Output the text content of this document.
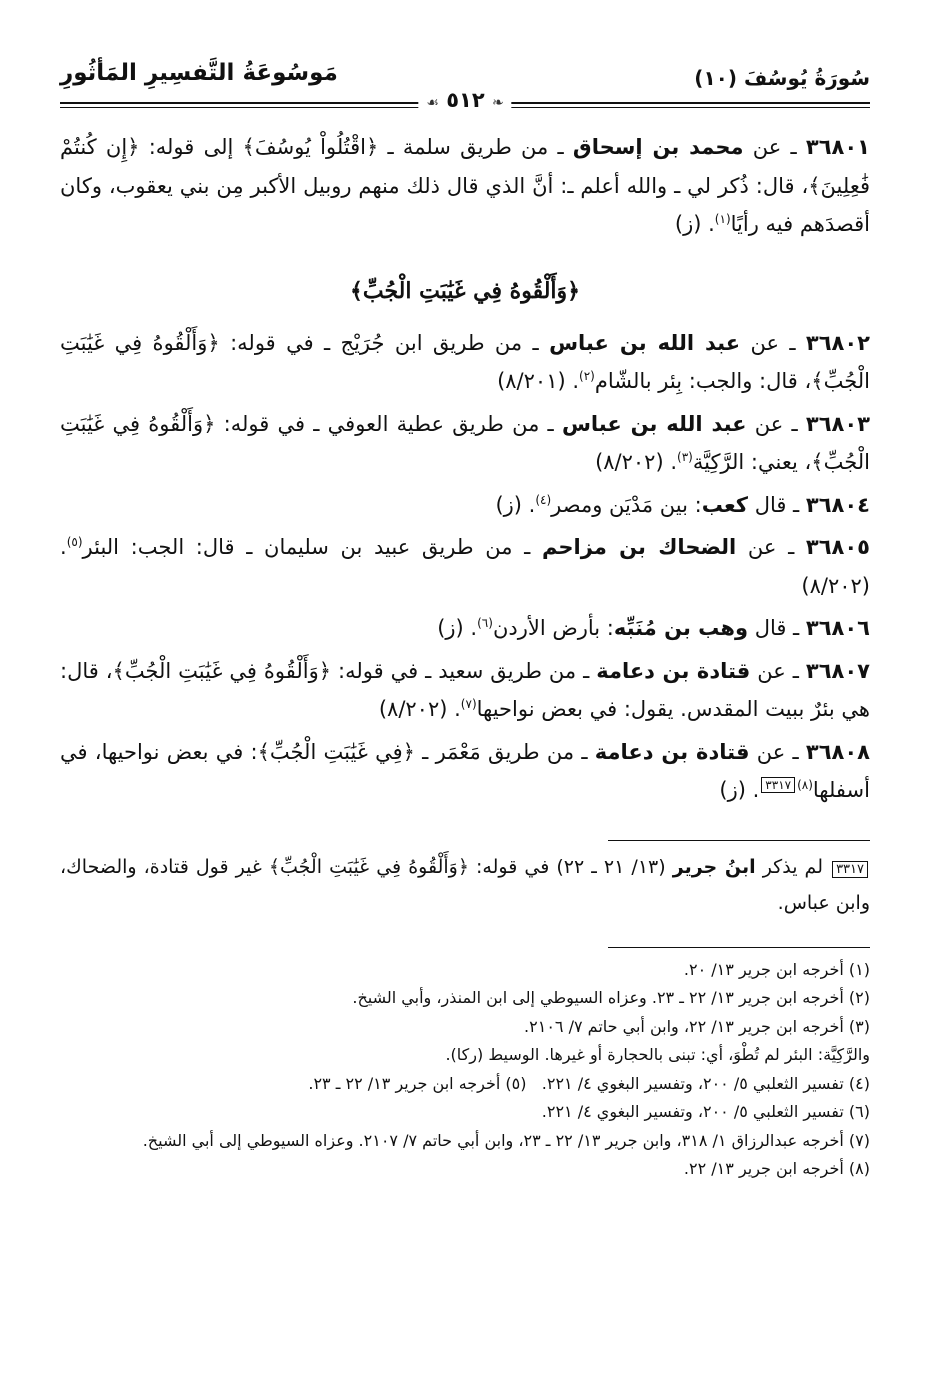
سُورَةُ يُوسُفَ (١٠)
مَوسُوعَةُ التَّفسِيرِ المَأثُورِ
❧ ٥١٢ ☙

٣٦٨٠١ ـ عن محمد بن إسحاق ـ من طريق سلمة ـ ﴿اقْتُلُواْ يُوسُفَ﴾ إلى قوله: ﴿إِن كُنتُمْ فَٰعِلِينَ﴾، قال: ذُكر لي ـ والله أعلم ـ: أنَّ الذي قال ذلك منهم روبيل الأكبر مِن بني يعقوب، وكان أقصدَهم فيه رأيًا$^{(١)}$. (ز)

﴿وَأَلْقُوهُ فِي غَيَٰبَتِ الْجُبِّ﴾

٣٦٨٠٢ ـ عن عبد الله بن عباس ـ من طريق ابن جُرَيْج ـ في قوله: ﴿وَأَلْقُوهُ فِي غَيَٰبَتِ الْجُبِّ﴾، قال: والجب: بِئر بالشّام$^{(٢)}$. (٨/٢٠١)

٣٦٨٠٣ ـ عن عبد الله بن عباس ـ من طريق عطية العوفي ـ في قوله: ﴿وَأَلْقُوهُ فِي غَيَٰبَتِ الْجُبِّ﴾، يعني: الرَّكِيَّة$^{(٣)}$. (٨/٢٠٢)

٣٦٨٠٤ ـ قال كعب: بين مَدْيَن ومصر$^{(٤)}$. (ز)

٣٦٨٠٥ ـ عن الضحاك بن مزاحم ـ من طريق عبيد بن سليمان ـ قال: الجب: البئر$^{(٥)}$. (٨/٢٠٢)

٣٦٨٠٦ ـ قال وهب بن مُنَبِّه: بأرض الأردن$^{(٦)}$. (ز)

٣٦٨٠٧ ـ عن قتادة بن دعامة ـ من طريق سعيد ـ في قوله: ﴿وَأَلْقُوهُ فِي غَيَٰبَتِ الْجُبِّ﴾، قال: هي بئرٌ ببيت المقدس. يقول: في بعض نواحيها$^{(٧)}$. (٨/٢٠٢)

٣٦٨٠٨ ـ عن قتادة بن دعامة ـ من طريق مَعْمَر ـ ﴿فِي غَيَٰبَتِ الْجُبِّ﴾: في بعض نواحيها، في أسفلها$^{(٨)٣٣١٧}$. (ز)

٣٣١٧ لم يذكر ابنُ جرير (١٣/ ٢١ ـ ٢٢) في قوله: ﴿وَأَلْقُوهُ فِي غَيَٰبَتِ الْجُبِّ﴾ غير قول قتادة، والضحاك، وابن عباس.

(١) أخرجه ابن جرير ١٣/ ٢٠.

(٢) أخرجه ابن جرير ١٣/ ٢٢ ـ ٢٣. وعزاه السيوطي إلى ابن المنذر، وأبي الشيخ.

(٣) أخرجه ابن جرير ١٣/ ٢٢، وابن أبي حاتم ٧/ ٢١٠٦.

والرَّكِيَّة: البئر لم تُطْوَ، أي: تبنى بالحجارة أو غيرها. الوسيط (ركا).

(٤) تفسير الثعلبي ٥/ ٢٠٠، وتفسير البغوي ٤/ ٢٢١.   (٥) أخرجه ابن جرير ١٣/ ٢٢ ـ ٢٣.

(٦) تفسير الثعلبي ٥/ ٢٠٠، وتفسير البغوي ٤/ ٢٢١.

(٧) أخرجه عبدالرزاق ١/ ٣١٨، وابن جرير ١٣/ ٢٢ ـ ٢٣، وابن أبي حاتم ٧/ ٢١٠٧. وعزاه السيوطي إلى أبي الشيخ.

(٨) أخرجه ابن جرير ١٣/ ٢٢.
